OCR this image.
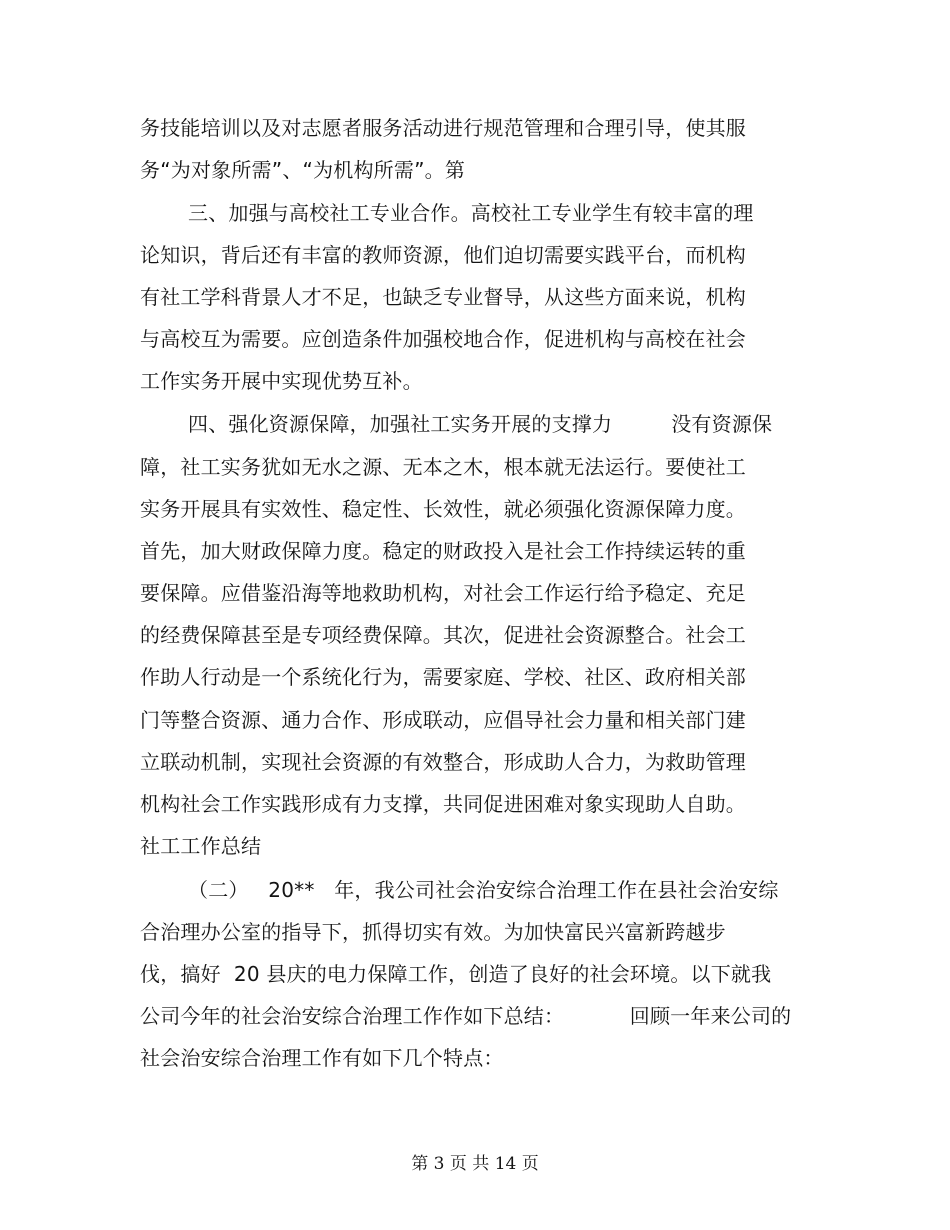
务技能培训以及对志愿者服务活动进行规范管理和合理引导，使其服

务“为对象所需”、“为机构所需”。第

三、加强与高校社工专业合作。高校社工专业学生有较丰富的理

论知识，背后还有丰富的教师资源，他们迫切需要实践平台，而机构

有社工学科背景人才不足，也缺乏专业督导，从这些方面来说，机构

与高校互为需要。应创造条件加强校地合作，促进机构与高校在社会

工作实务开展中实现优势互补。

四、强化资源保障，加强社工实务开展的支撑力         没有资源保

障，社工实务犹如无水之源、无本之木，根本就无法运行。要使社工

实务开展具有实效性、稳定性、长效性，就必须强化资源保障力度。

首先，加大财政保障力度。稳定的财政投入是社会工作持续运转的重

要保障。应借鉴沿海等地救助机构，对社会工作运行给予稳定、充足

的经费保障甚至是专项经费保障。其次，促进社会资源整合。社会工

作助人行动是一个系统化行为，需要家庭、学校、社区、政府相关部

门等整合资源、通力合作、形成联动，应倡导社会力量和相关部门建

立联动机制，实现社会资源的有效整合，形成助人合力，为救助管理

机构社会工作实践形成有力支撑，共同促进困难对象实现助人自助。

社工工作总结

（二）   20**   年，我公司社会治安综合治理工作在县社会治安综

合治理办公室的指导下，抓得切实有效。为加快富民兴富新跨越步

伐，搞好  20 县庆的电力保障工作，创造了良好的社会环境。以下就我

公司今年的社会治安综合治理工作作如下总结：          回顾一年来公司的

社会治安综合治理工作有如下几个特点：

第 3 页 共 14 页
